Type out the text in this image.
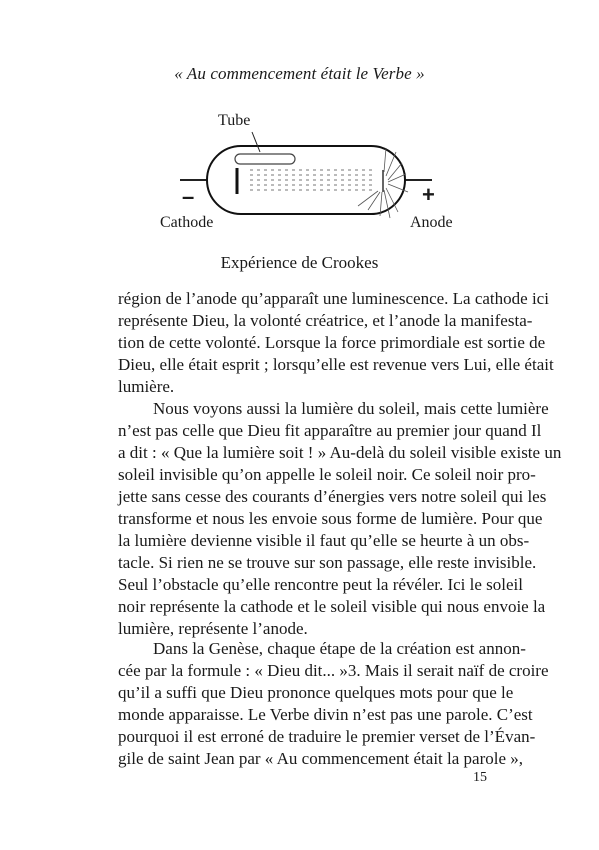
« Au commencement était le Verbe »
Tube
–	+
Cathode	Anode
Expérience de Crookes
région de l’anode qu’apparaît une luminescence. La cathode ici
représente Dieu, la volonté créatrice, et l’anode la manifesta-
tion de cette volonté. Lorsque la force primordiale est sortie de
Dieu, elle était esprit ; lorsqu’elle est revenue vers Lui, elle était
lumière.
Nous voyons aussi la lumière du soleil, mais cette lumière
n’est pas celle que Dieu fit apparaître au premier jour quand Il
a dit : « Que la lumière soit ! » Au-delà du soleil visible existe un
soleil invisible qu’on appelle le soleil noir. Ce soleil noir pro-
jette sans cesse des courants d’énergies vers notre soleil qui les
transforme et nous les envoie sous forme de lumière. Pour que
la lumière devienne visible il faut qu’elle se heurte à un obs-
tacle. Si rien ne se trouve sur son passage, elle reste invisible.
Seul l’obstacle qu’elle rencontre peut la révéler. Ici le soleil
noir représente la cathode et le soleil visible qui nous envoie la
lumière, représente l’anode.
Dans la Genèse, chaque étape de la création est annon-
cée par la formule : « Dieu dit... »3. Mais il serait naïf de croire
qu’il a suffi que Dieu prononce quelques mots pour que le
monde apparaisse. Le Verbe divin n’est pas une parole. C’est
pourquoi il est erroné de traduire le premier verset de l’Évan-
gile de saint Jean par « Au commencement était la parole »,
15
